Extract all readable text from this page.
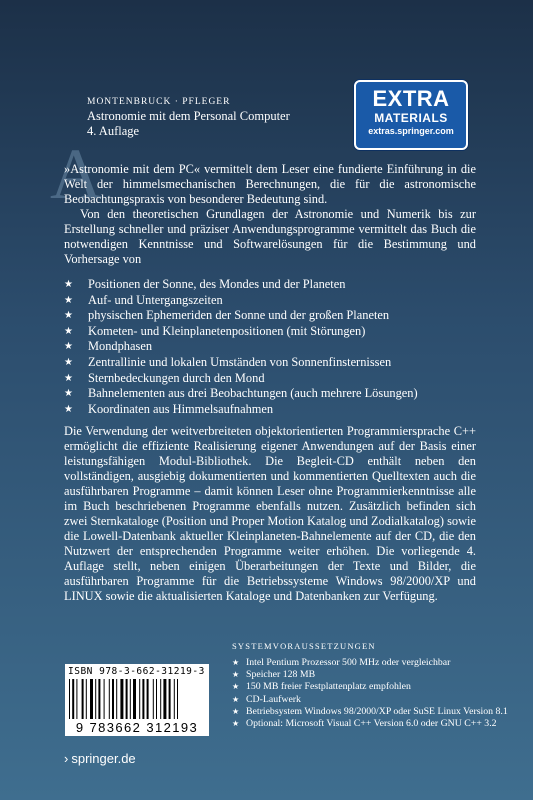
A
MONTENBRUCK · PFLEGER
Astronomie mit dem Personal Computer
4. Auflage
EXTRA
MATERIALS
extras.springer.com
»Astronomie mit dem PC« vermittelt dem Leser eine fundierte Einführung in die Welt der himmelsmechanischen Berechnungen, die für die astronomische Beobachtungspraxis von besonderer Bedeutung sind.
Von den theoretischen Grundlagen der Astronomie und Numerik bis zur Erstellung schneller und präziser Anwendungsprogramme vermittelt das Buch die notwendigen Kenntnisse und Softwarelösungen für die Bestimmung und Vorhersage von
★ Positionen der Sonne, des Mondes und der Planeten
★ Auf- und Untergangszeiten
★ physischen Ephemeriden der Sonne und der großen Planeten
★ Kometen- und Kleinplanetenpositionen (mit Störungen)
★ Mondphasen
★ Zentrallinie und lokalen Umständen von Sonnenfinsternissen
★ Sternbedeckungen durch den Mond
★ Bahnelementen aus drei Beobachtungen (auch mehrere Lösungen)
★ Koordinaten aus Himmelsaufnahmen
Die Verwendung der weitverbreiteten objektorientierten Programmiersprache C++ ermöglicht die effiziente Realisierung eigener Anwendungen auf der Basis einer leistungsfähigen Modul-Bibliothek. Die Begleit-CD enthält neben den vollständigen, ausgiebig dokumentierten und kommentierten Quelltexten auch die ausführbaren Programme – damit können Leser ohne Programmierkenntnisse alle im Buch beschriebenen Programme ebenfalls nutzen. Zusätzlich befinden sich zwei Sternkataloge (Position und Proper Motion Katalog und Zodialkatalog) sowie die Lowell-Datenbank aktueller Kleinplaneten-Bahnelemente auf der CD, die den Nutzwert der entsprechenden Programme weiter erhöhen. Die vorliegende 4. Auflage stellt, neben einigen Überarbeitungen der Texte und Bilder, die ausführbaren Programme für die Betriebssysteme Windows 98/2000/XP und LINUX sowie die aktualisierten Kataloge und Datenbanken zur Verfügung.
SYSTEMVORAUSSETZUNGEN
★ Intel Pentium Prozessor 500 MHz oder vergleichbar
★ Speicher 128 MB
★ 150 MB freier Festplattenplatz empfohlen
★ CD-Laufwerk
★ Betriebsystem Windows 98/2000/XP oder SuSE Linux Version 8.1
★ Optional: Microsoft Visual C++ Version 6.0 oder GNU C++ 3.2
ISBN 978-3-662-31219-3
9 783662 312193
› springer.de
